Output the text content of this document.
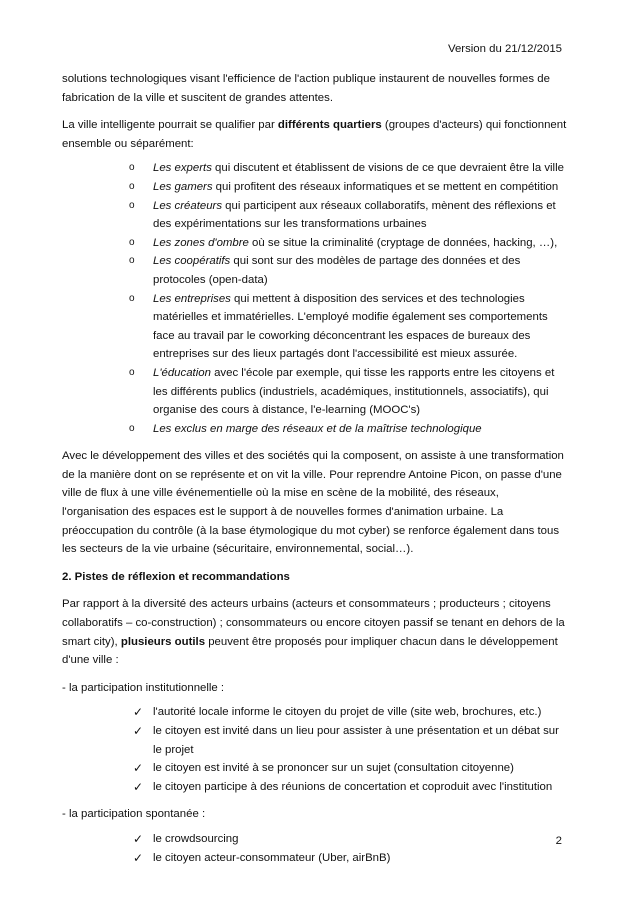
Version du 21/12/2015

solutions technologiques visant l'efficience de l'action publique instaurent de nouvelles formes de fabrication de la ville et suscitent de grandes attentes.

La ville intelligente pourrait se qualifier par différents quartiers (groupes d'acteurs) qui fonctionnent ensemble ou séparément:

o Les experts qui discutent et établissent de visions de ce que devraient être la ville
o Les gamers qui profitent des réseaux informatiques et se mettent en compétition
o Les créateurs qui participent aux réseaux collaboratifs, mènent des réflexions et des expérimentations sur les transformations urbaines
o Les zones d'ombre où se situe la criminalité (cryptage de données, hacking, …),
o Les coopératifs qui sont sur des modèles de partage des données et des protocoles (open-data)
o Les entreprises qui mettent à disposition des services et des technologies matérielles et immatérielles. L'employé modifie également ses comportements face au travail par le coworking déconcentrant les espaces de bureaux des entreprises sur des lieux partagés dont l'accessibilité est mieux assurée.
o L'éducation avec l'école par exemple, qui tisse les rapports entre les citoyens et les différents publics (industriels, académiques, institutionnels, associatifs), qui organise des cours à distance, l'e-learning (MOOC's)
o Les exclus en marge des réseaux et de la maîtrise technologique

Avec le développement des villes et des sociétés qui la composent, on assiste à une transformation de la manière dont on se représente et on vit la ville. Pour reprendre Antoine Picon, on passe d'une ville de flux à une ville événementielle où la mise en scène de la mobilité, des réseaux, l'organisation des espaces est le support à de nouvelles formes d'animation urbaine. La préoccupation du contrôle (à la base étymologique du mot cyber) se renforce également dans tous les secteurs de la vie urbaine (sécuritaire, environnemental, social…).

2. Pistes de réflexion et recommandations

Par rapport à la diversité des acteurs urbains (acteurs et consommateurs ; producteurs ; citoyens collaboratifs – co-construction) ; consommateurs ou encore citoyen passif se tenant en dehors de la smart city), plusieurs outils peuvent être proposés pour impliquer chacun dans le développement d'une ville :

- la participation institutionnelle :

✓ l'autorité locale informe le citoyen du projet de ville (site web, brochures, etc.)
✓ le citoyen est invité dans un lieu pour assister à une présentation et un débat sur le projet
✓ le citoyen est invité à se prononcer sur un sujet (consultation citoyenne)
✓ le citoyen participe à des réunions de concertation et coproduit avec l'institution

- la participation spontanée :

✓ le crowdsourcing
✓ le citoyen acteur-consommateur (Uber, airBnB)
2
